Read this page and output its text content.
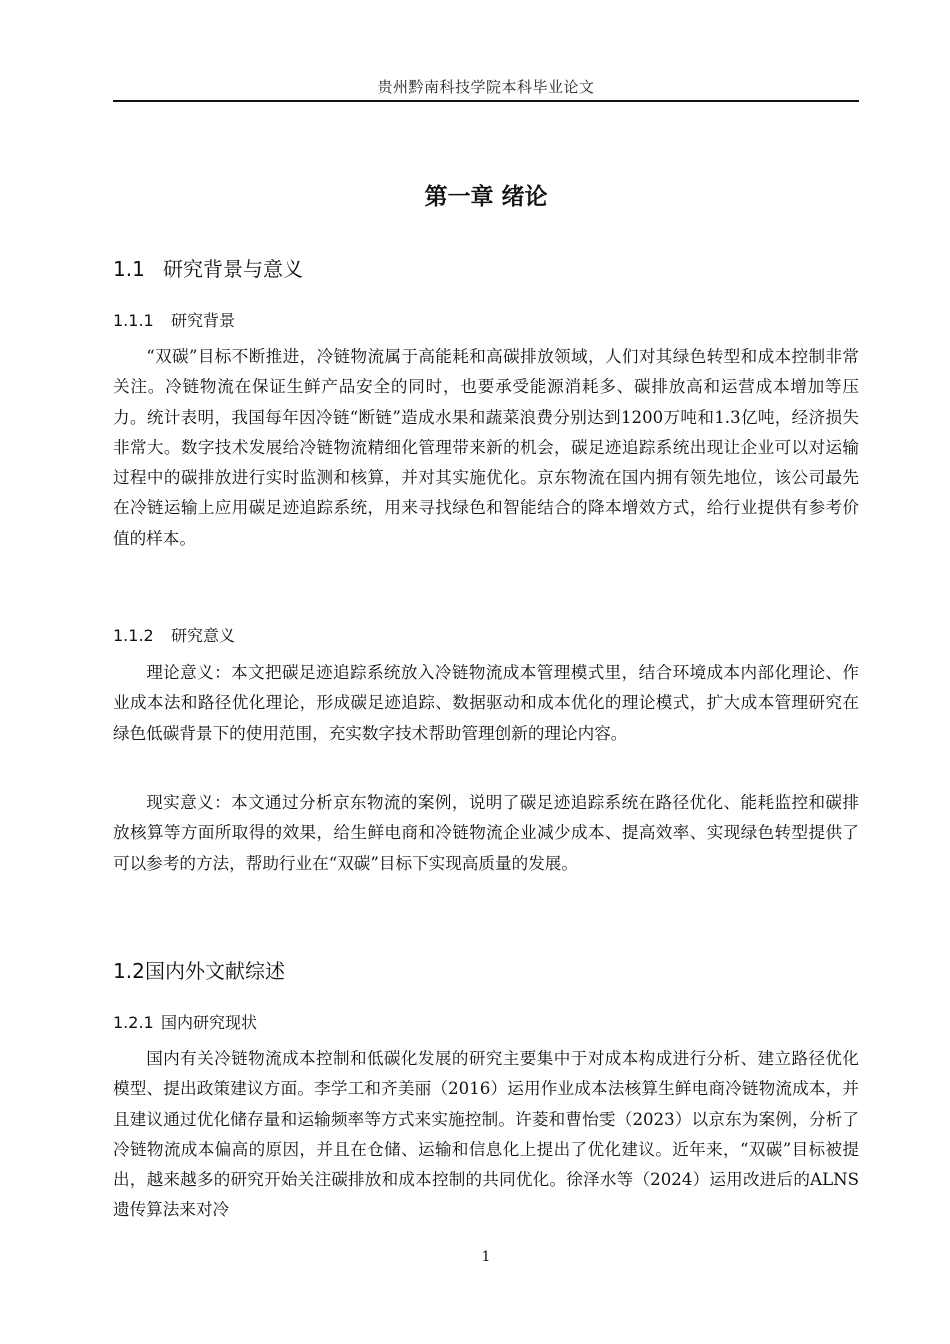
贵州黔南科技学院本科毕业论文
第一章 绪论
1.1 研究背景与意义
1.1.1 研究背景

“双碳”目标不断推进，冷链物流属于高能耗和高碳排放领域，人们对其绿色转型和成本控制非常关注。冷链物流在保证生鲜产品安全的同时，也要承受能源消耗多、碳排放高和运营成本增加等压力。统计表明，我国每年因冷链“断链”造成水果和蔬菜浪费分别达到1200万吨和1.3亿吨，经济损失非常大。数字技术发展给冷链物流精细化管理带来新的机会，碳足迹追踪系统出现让企业可以对运输过程中的碳排放进行实时监测和核算，并对其实施优化。京东物流在国内拥有领先地位，该公司最先在冷链运输上应用碳足迹追踪系统，用来寻找绿色和智能结合的降本增效方式，给行业提供有参考价值的样本。

1.1.2 研究意义

理论意义：本文把碳足迹追踪系统放入冷链物流成本管理模式里，结合环境成本内部化理论、作业成本法和路径优化理论，形成碳足迹追踪、数据驱动和成本优化的理论模式，扩大成本管理研究在绿色低碳背景下的使用范围，充实数字技术帮助管理创新的理论内容。

现实意义：本文通过分析京东物流的案例，说明了碳足迹追踪系统在路径优化、能耗监控和碳排放核算等方面所取得的效果，给生鲜电商和冷链物流企业减少成本、提高效率、实现绿色转型提供了可以参考的方法，帮助行业在“双碳”目标下实现高质量的发展。

1.2国内外文献综述
1.2.1 国内研究现状

国内有关冷链物流成本控制和低碳化发展的研究主要集中于对成本构成进行分析、建立路径优化模型、提出政策建议方面。李学工和齐美丽（2016）运用作业成本法核算生鲜电商冷链物流成本，并且建议通过优化储存量和运输频率等方式来实施控制。许菱和曹怡雯（2023）以京东为案例，分析了冷链物流成本偏高的原因，并且在仓储、运输和信息化上提出了优化建议。近年来，“双碳”目标被提出，越来越多的研究开始关注碳排放和成本控制的共同优化。徐泽水等（2024）运用改进后的ALNS遗传算法来对冷

1
